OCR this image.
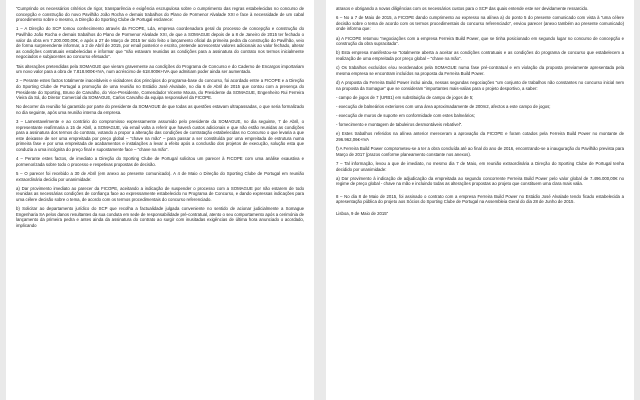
“Cumprindo os necessários critérios de rigor, transparência e exigência escrupulosa sobre o cumprimento das regras estabelecidas no concurso de concepção e construção do novo Pavilhão João Rocha e demais trabalhos do Plano de Pormenor Alvalade XXI e face à necessidade de um cabal procedimento sobre o mesmo, a Direção do Sporting Clube de Portugal esclarece:

1 – A Direção do SCP tomou conhecimento através da FICOPE, Lda, empresa coordenadora geral do processo de concepção e construção do Pavilhão João Rocha e demais trabalhos do Plano de Pormenor Alvalade XXI, de que a SOMAGUE depois de a 8 de Janeiro de 2015 ter fechado o valor da obra em 7.200.000,00€, e após a 27 de Março de 2015 ter sido feito o lançamento oficial da primeira pedra da construção do Pavilhão, veio de forma surpreendente informar, a 2 de Abril de 2015, por email posterior e escrito, pretende acrescentar valores adicionais ao valor fechado, alterar as condições contratuais estabelecidas e informar que “não estavam reunidas as condições para a assinatura do contrato nos termos inicialmente negociados e subjacentes ao concurso efetuado”.

Tais alterações pretendidas pela SOMAGUE que vieram gravemente ao condições do Programa de Concurso e do Caderno de Encargos importariam um novo valor para a obra de 7.818.900€+IVA, num acréscimo de 618.900€+IVA que admitiam poder ainda ser aumentado.

2 – Perante estes factos totalmente inaceitáveis e violadores dos princípios do programa-base do concurso, foi acordado entre a FICOPE e a Direção do Sporting Clube de Portugal a promoção de uma reunião no Estádio José Alvalade, no dia 6 de Abril de 2015 que contou com a presença do Presidente do Sporting, Bruno de Carvalho, do Vice-Presidente, Comendador Vicente Moura, do Presidente da SOMAGUE, Engenheiro Rui Ferreira Vieira da Sá, do Diretor Comercial da SOMAGUE, Carlos Carvalho da equipa responsável da FICOPE.

No decorrer da reunião foi garantido por parte do presidente da SOMAGUE de que todas as questões estavam ultrapassadas, o que seria formalizado no dia seguinte, após uma reunião interna da empresa.

3 – Lamentavelmente e ao contrário do compromisso expressamente assumido pelo presidente da SOMAGUE, no dia seguinte, 7 de Abril, o representante reafirmaria a 15 de Abril, a SOMAGUE, via email volta a referir que haverá custos adicionais e que não estão reunidas as condições para a assinatura dos termos do contrato, votando a propor a alteração das condições de contratação estabelecidas no Concurso o que levaria a que este deixasse de ser uma empreitada por preço global – “chave na mão” – para passar a ser constituída por uma empreitada de estrutura numa primeira fase e por uma empreitada de acabamentos e instalações a levar a efeito após a conclusão dos projetos de execução, solução esta que conduzia a uma incógnita do preço final e supostamente face – “chave na mão”.

4 – Perante estes factos, de imediato a Direção do Sporting Clube de Portugal solicitou um parecer à FICOPE com uma análise exaustiva e pormenorizada sobre todo o processo e respetivas propostas de decisão.

5 – O parecer foi recebido a 30 de Abril (em anexo ao presente comunicado). A 4 de Maio o Direção do Sporting Clube de Portugal em reunião extraordinária decidiu por unanimidade:

a) Dar provimento imediato ao parecer da FICOPE, aceitando a indicação de suspender o processo com a SOMAGUE por não estarem de todo reunidas as necessárias condições de confiança face ao expressamente estabelecido no Programa de Concurso, e dando expressas indicações para uma célere decisão sobre o tema, de acordo com os termos procedimentais do concurso referenciado.

b) Solicitar ao departamento jurídico do SCP que recolha a factualidade julgada conveniente no sentido de acionar judicialmente a Somague Engenharia SA pelos danos resultantes da sua conduta em sede de responsabilidade pré-contratual, atento o seu comportamento após a cerimónia de lançamento da primeira pedra e antes ainda da assinatura do contrato ao surgir com inusitadas exigências de última hora anunciado o acordado, implicando

atrasos e obrigando a novas diligências com os necessários custos para o SCP das quais entende este ser devidamente ressarcido.

6 – No a 7 de Maio de 2015, a FICOPE dando cumprimento ao expresso na alínea a) do ponto 5 do presente comunicado com vista à “uma célere decisão sobre o tema de acordo com os termos procedimentais do concurso referenciado”, enviou parecer (anexo também ao presente comunicado) onde informa que:

a) A FICOPE retomou “negociações com a empresa Ferreira Build Power, que se tinha posicionado em segundo lugar no concurso de concepção e construção da obra supracitada”.

b) Esta empresa manifestou-se “totalmente aberta a aceitar as condições contratuais e as condições do programa de concurso que estabelecem a realização de uma empreitada por preço global – “chave na mão”.

c) Os trabalhos excluídos e/ou reordenados pela SOMAGUE numa fase pré-contratual e em violação da proposta previamente apresentada pela mesma empresa se encontram incluídos na proposta da Ferreira Build Power.

d) A proposta da Ferreira Build Power inclui ainda, nessas segundas negociações “um conjunto de trabalhos não constantes no concurso inicial nem na proposta da Somague” que se consideram “importantes mais-valias para o projeto desportivo, a saber:

- campo de jogos de 7 (URB1) em substituição de campo de jogos de 5;

- execução de balneários exteriores com uma área aproximadamente de 200m2, afectos a este campo de jogos;

- execução de muros de suporte em conformidade com estes balneários;

- fornecimento e montagem de tabuleiros desmontáveis rebatível”.

e) Estes trabalhos referidos na alínea anterior mereceram a aprovação da FICOPE e foram cotados pela Ferreira Build Power no montante de 296.962,06€+IVA

f) A Ferreira Build Power comprometeu-se a ter a obra concluída até ao final do ano de 2016, encontrando-se a inauguração do Pavilhão prevista para Março de 2017 (prazos conforme planeamento constante nos anexos).

7 – Tal informação, levou a que de imediato, no mesmo dia 7 de Maio, em reunião extraordinária a Direção do Sporting Clube de Portugal tenha decidido por unanimidade:

a) Dar provimento à indicação de adjudicação da empreitada ao segundo concorrente Ferreira Build Power pelo valor global de 7.496.000,00€ no regime de preço global - chave na mão e incluindo todas as alterações propostas ao projeto que constituem uma clara mais valia.

8 – No dia 8 de Maio de 2015, foi assinado o contrato com a empresa Ferreira Build Power no Estádio José Alvalade tendo ficado estabelecida a apresentação pública do projeto aos Sócios do Sporting Clube de Portugal na Assembleia Geral do dia 28 de Junho de 2015.

Lisboa, 9 de Maio de 2015”
